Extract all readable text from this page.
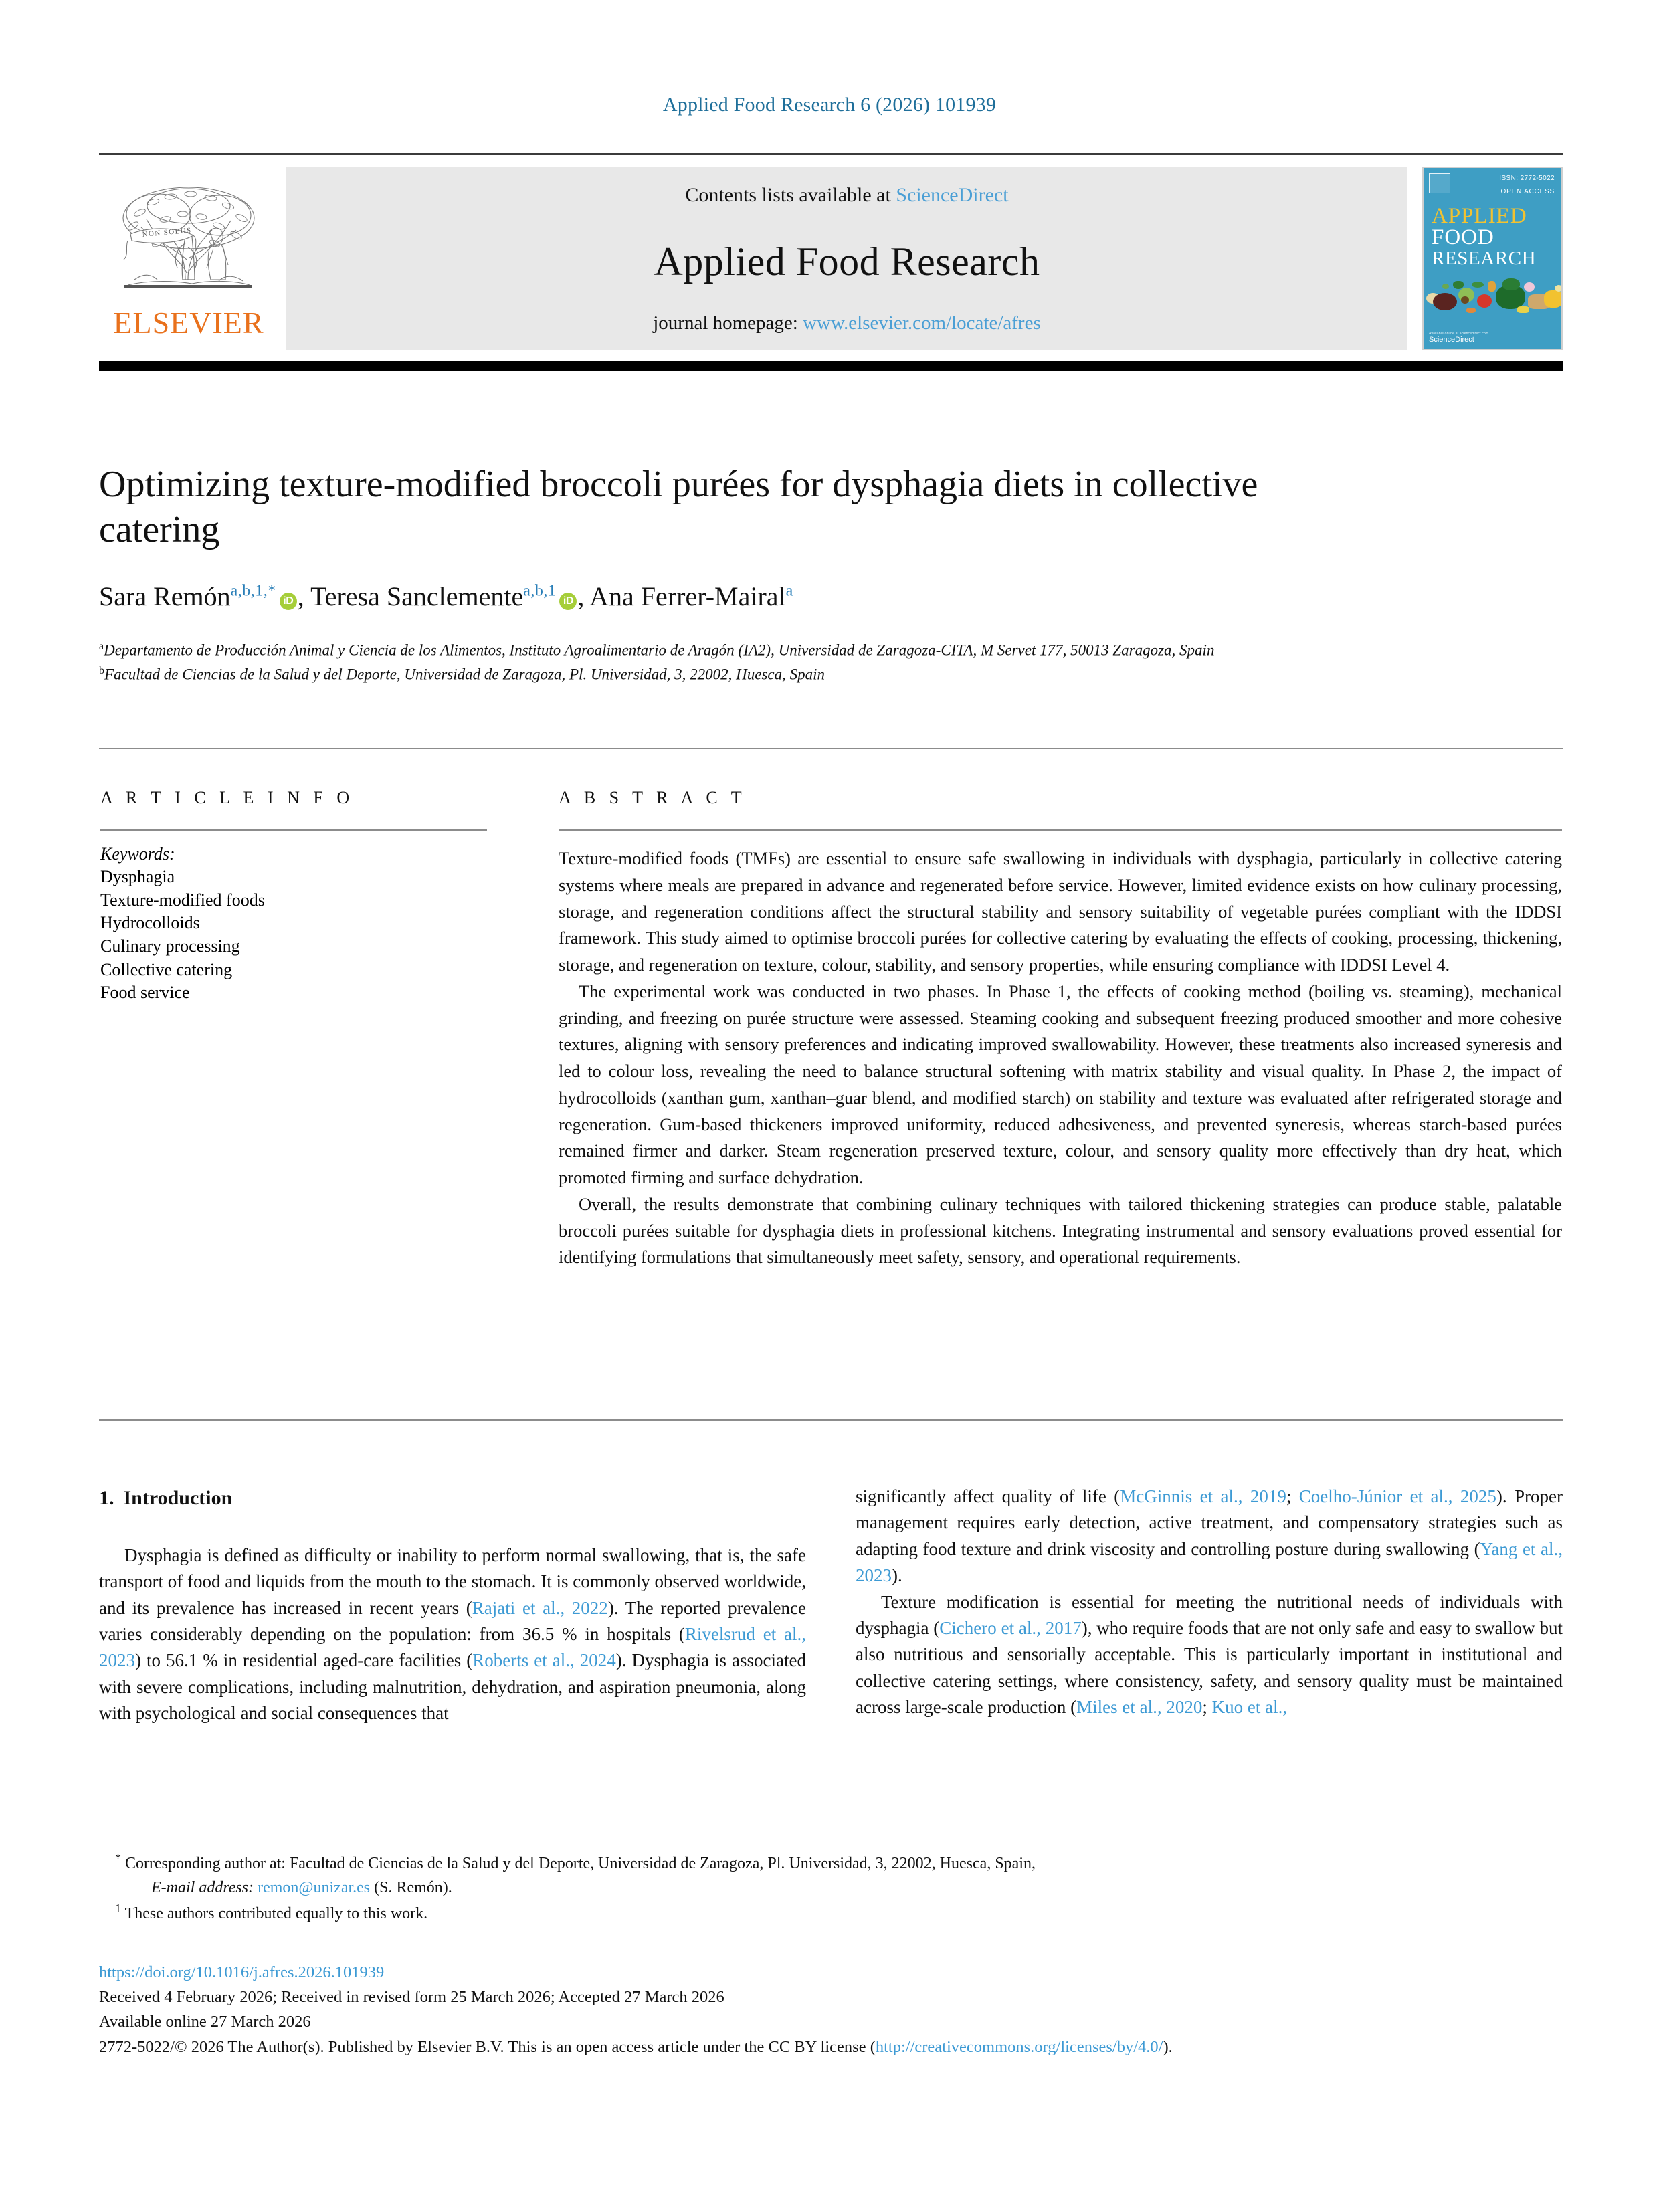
Applied Food Research 6 (2026) 101939
NON SOLUS
ELSEVIER
Contents lists available at ScienceDirect
Applied Food Research
journal homepage: www.elsevier.com/locate/afres
ISSN: 2772-5022
OPEN ACCESS
APPLIED
FOOD
RESEARCH
Available online at sciencedirect.com
ScienceDirect
Optimizing texture-modified broccoli purées for dysphagia diets in collective catering
Sara Remón$^{a,b,1,*}$iD , Teresa Sanclemente$^{a,b,1}$iD , Ana Ferrer-Mairal$^a$
$^a$Departamento de Producción Animal y Ciencia de los Alimentos, Instituto Agroalimentario de Aragón (IA2), Universidad de Zaragoza-CITA, M Servet 177, 50013 Zaragoza, Spain
$^b$Facultad de Ciencias de la Salud y del Deporte, Universidad de Zaragoza, Pl. Universidad, 3, 22002, Huesca, Spain
A R T I C L E I N F O
Keywords:
Dysphagia
Texture-modified foods
Hydrocolloids
Culinary processing
Collective catering
Food service
A B S T R A C T

Texture-modified foods (TMFs) are essential to ensure safe swallowing in individuals with dysphagia, particularly in collective catering systems where meals are prepared in advance and regenerated before service. However, limited evidence exists on how culinary processing, storage, and regeneration conditions affect the structural stability and sensory suitability of vegetable purées compliant with the IDDSI framework. This study aimed to optimise broccoli purées for collective catering by evaluating the effects of cooking, processing, thickening, storage, and regeneration on texture, colour, stability, and sensory properties, while ensuring compliance with IDDSI Level 4.

The experimental work was conducted in two phases. In Phase 1, the effects of cooking method (boiling vs. steaming), mechanical grinding, and freezing on purée structure were assessed. Steaming cooking and subsequent freezing produced smoother and more cohesive textures, aligning with sensory preferences and indicating improved swallowability. However, these treatments also increased syneresis and led to colour loss, revealing the need to balance structural softening with matrix stability and visual quality. In Phase 2, the impact of hydrocolloids (xanthan gum, xanthan–guar blend, and modified starch) on stability and texture was evaluated after refrigerated storage and regeneration. Gum-based thickeners improved uniformity, reduced adhesiveness, and prevented syneresis, whereas starch-based purées remained firmer and darker. Steam regeneration preserved texture, colour, and sensory quality more effectively than dry heat, which promoted firming and surface dehydration.

Overall, the results demonstrate that combining culinary techniques with tailored thickening strategies can produce stable, palatable broccoli purées suitable for dysphagia diets in professional kitchens. Integrating instrumental and sensory evaluations proved essential for identifying formulations that simultaneously meet safety, sensory, and operational requirements.

1. Introduction

Dysphagia is defined as difficulty or inability to perform normal swallowing, that is, the safe transport of food and liquids from the mouth to the stomach. It is commonly observed worldwide, and its prevalence has increased in recent years (Rajati et al., 2022). The reported prevalence varies considerably depending on the population: from 36.5 % in hospitals (Rivelsrud et al., 2023) to 56.1 % in residential aged-care facilities (Roberts et al., 2024). Dysphagia is associated with severe complications, including malnutrition, dehydration, and aspiration pneumonia, along with psychological and social consequences that

significantly affect quality of life (McGinnis et al., 2019; Coelho-Júnior et al., 2025). Proper management requires early detection, active treatment, and compensatory strategies such as adapting food texture and drink viscosity and controlling posture during swallowing (Yang et al., 2023).

Texture modification is essential for meeting the nutritional needs of individuals with dysphagia (Cichero et al., 2017), who require foods that are not only safe and easy to swallow but also nutritious and sensorially acceptable. This is particularly important in institutional and collective catering settings, where consistency, safety, and sensory quality must be maintained across large-scale production (Miles et al., 2020; Kuo et al.,

* Corresponding author at: Facultad de Ciencias de la Salud y del Deporte, Universidad de Zaragoza, Pl. Universidad, 3, 22002, Huesca, Spain,
E-mail address: remon@unizar.es (S. Remón).
$^1$ These authors contributed equally to this work.
https://doi.org/10.1016/j.afres.2026.101939
Received 4 February 2026; Received in revised form 25 March 2026; Accepted 27 March 2026
Available online 27 March 2026
2772-5022/© 2026 The Author(s). Published by Elsevier B.V. This is an open access article under the CC BY license (http://creativecommons.org/licenses/by/4.0/).
